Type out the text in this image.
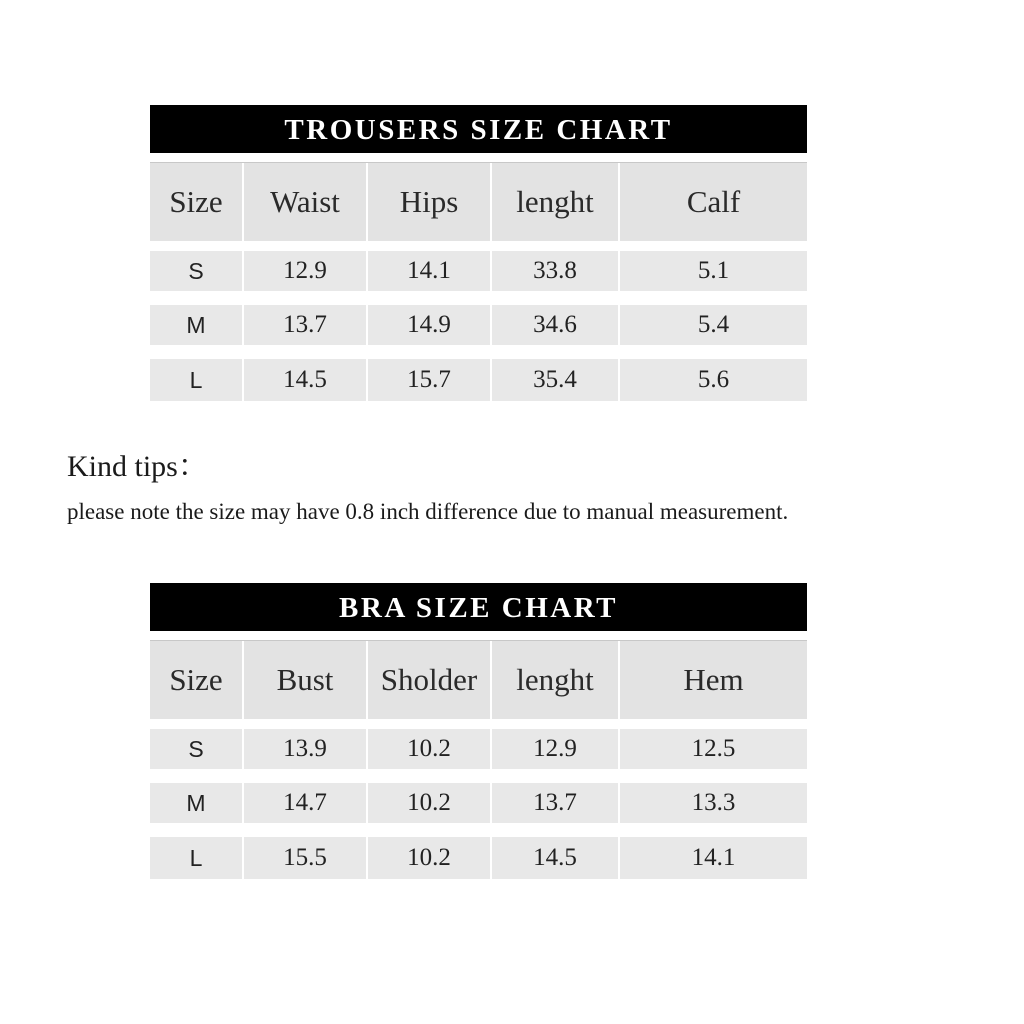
TROUSERS SIZE CHART
Size	Waist	Hips	lenght	Calf
S	12.9	14.1	33.8	5.1
M	13.7	14.9	34.6	5.4
L	14.5	15.7	35.4	5.6

Kind tips：

please note the size may have 0.8 inch difference due to manual measurement.

BRA SIZE CHART
Size	Bust	Sholder	lenght	Hem
S	13.9	10.2	12.9	12.5
M	14.7	10.2	13.7	13.3
L	15.5	10.2	14.5	14.1
